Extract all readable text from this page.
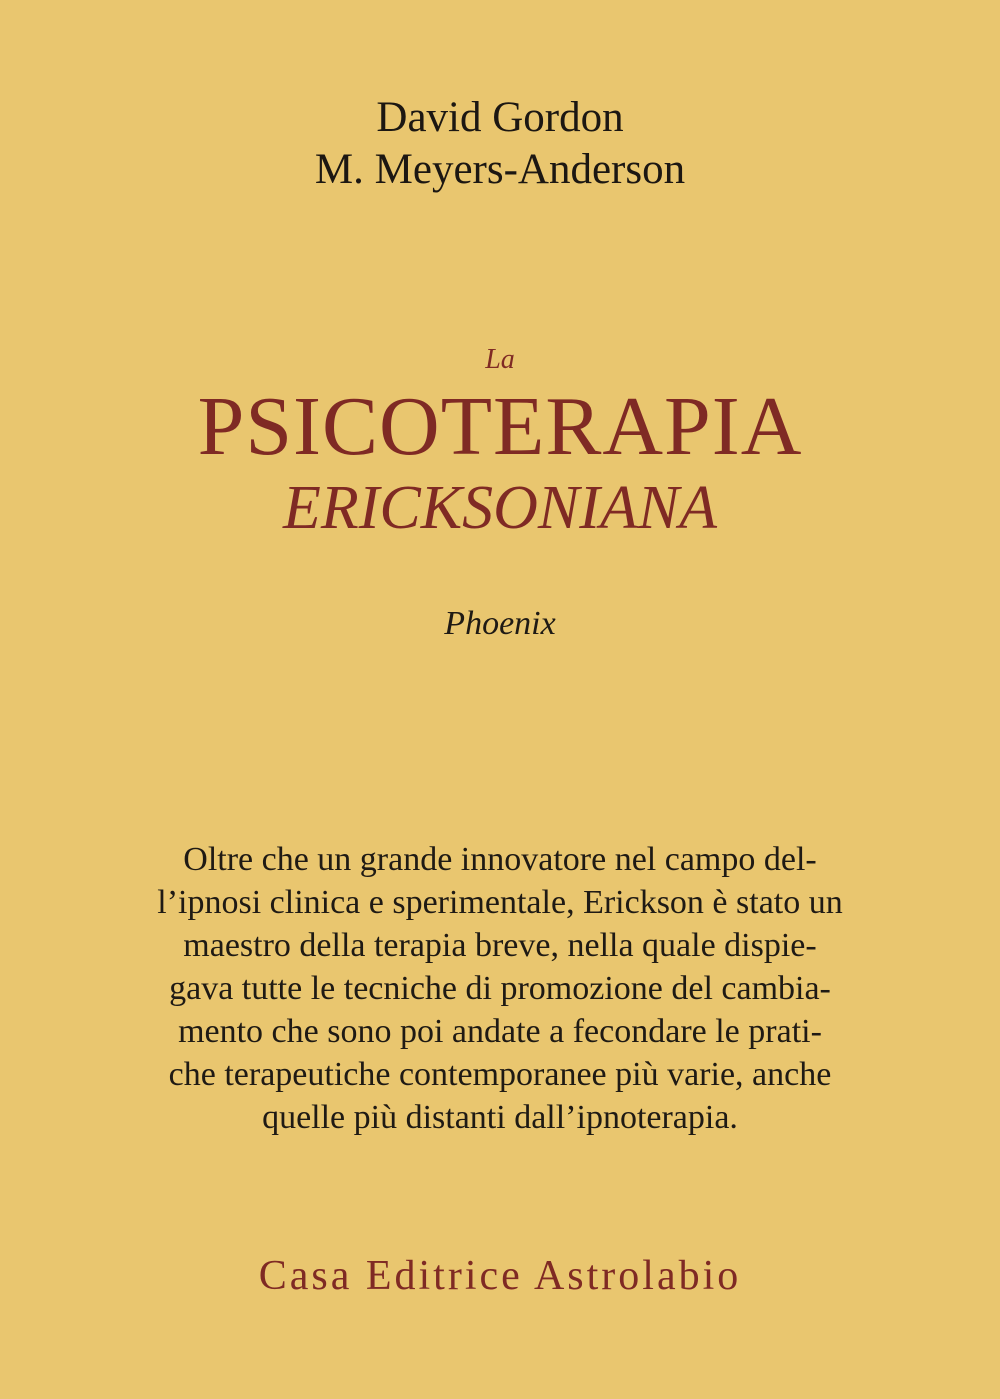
David Gordon
M. Meyers-Anderson
La
PSICOTERAPIA
ERICKSONIANA
Phoenix
Oltre che un grande innovatore nel campo del-
l’ipnosi clinica e sperimentale, Erickson è stato un
maestro della terapia breve, nella quale dispie-
gava tutte le tecniche di promozione del cambia-
mento che sono poi andate a fecondare le prati-
che terapeutiche contemporanee più varie, anche
quelle più distanti dall’ipnoterapia.
Casa Editrice Astrolabio
